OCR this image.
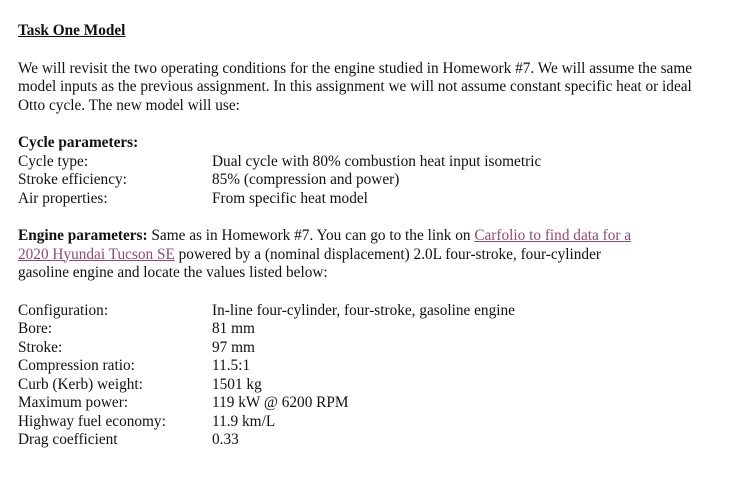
Task One Model

We will revisit the two operating conditions for the engine studied in Homework #7. We will assume the same model inputs as the previous assignment. In this assignment we will not assume constant specific heat or ideal Otto cycle. The new model will use:

Cycle parameters:

Cycle type:	Dual cycle with 80% combustion heat input isometric
Stroke efficiency:	85% (compression and power)
Air properties:	From specific heat model

Engine parameters: Same as in Homework #7. You can go to the link on Carfolio to find data for a
2020 Hyundai Tucson SE powered by a (nominal displacement) 2.0L four-stroke, four-cylinder
gasoline engine and locate the values listed below:

Configuration:	In-line four-cylinder, four-stroke, gasoline engine
Bore:	81 mm
Stroke:	97 mm
Compression ratio:	11.5:1
Curb (Kerb) weight:	1501 kg
Maximum power:	119 kW @ 6200 RPM
Highway fuel economy:	11.9 km/L
Drag coefficient	0.33
